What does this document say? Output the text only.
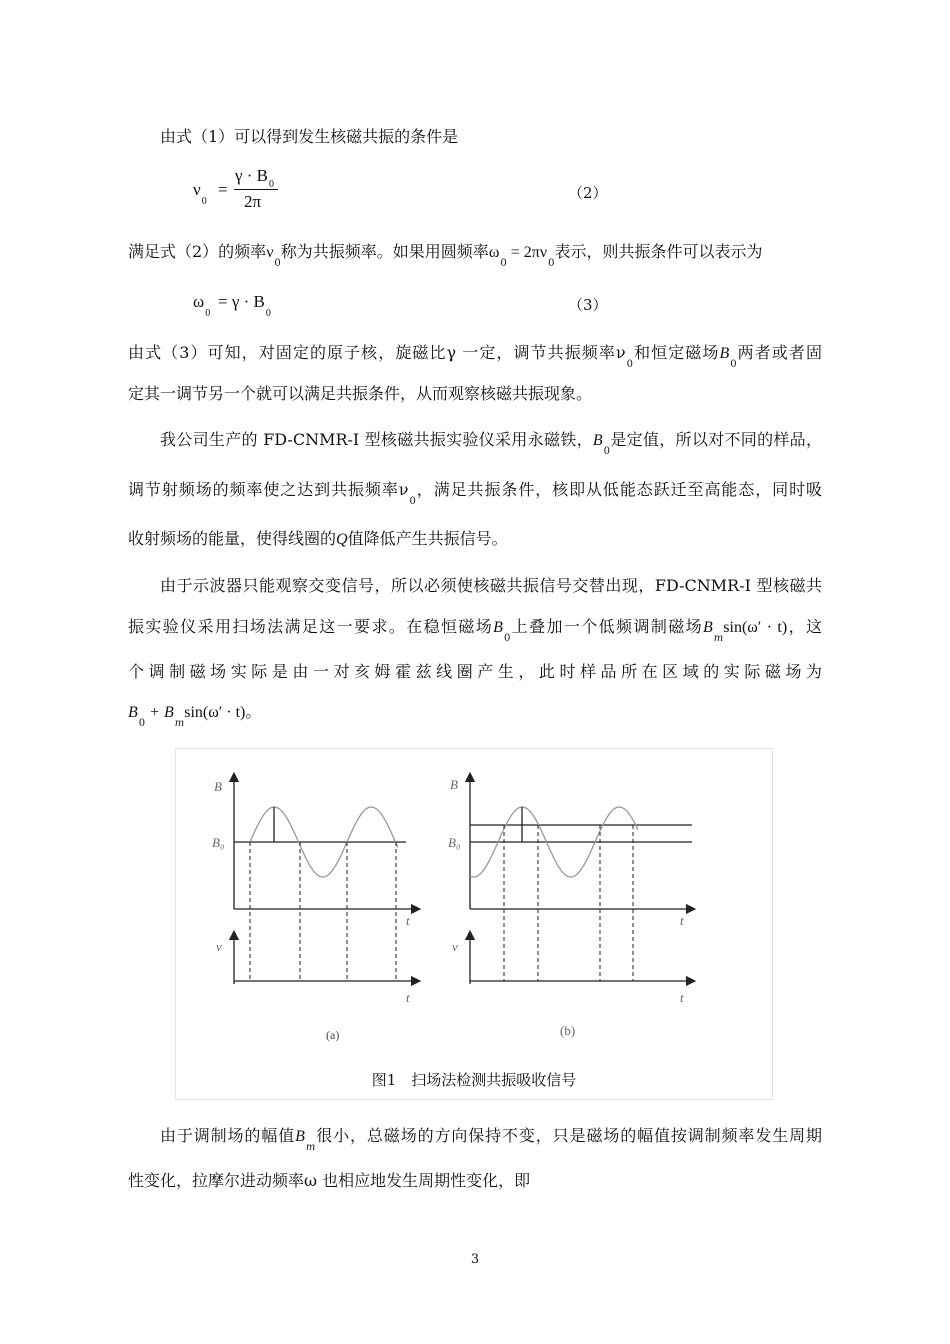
由式（1）可以得到发生核磁共振的条件是
$\nu_0$
=
$\gamma \cdot B_0$
2π	（2）
满足式（2）的频率$\nu_0$称为共振频率。如果用圆频率$\omega_0 = 2\pi\nu_0$表示，则共振条件可以表示为
$\omega_0$
= $\gamma \cdot B_0$	（3）
由式（3）可知，对固定的原子核，旋磁比γ 一定，调节共振频率$\nu_0$和恒定磁场$B_0$两者或者固
定其一调节另一个就可以满足共振条件，从而观察核磁共振现象。
我公司生产的 FD-CNMR-I 型核磁共振实验仪采用永磁铁，$B_0$是定值，所以对不同的样品，
调节射频场的频率使之达到共振频率$\nu_0$，满足共振条件，核即从低能态跃迁至高能态，同时吸
收射频场的能量，使得线圈的Q值降低产生共振信号。
由于示波器只能观察交变信号，所以必须使核磁共振信号交替出现，FD-CNMR-I 型核磁共
振实验仪采用扫场法满足这一要求。在稳恒磁场$B_0$上叠加一个低频调制磁场$B_m\sin(\omega' \cdot t)$，这
个调制磁场实际是由一对亥姆霍兹线圈产生，此时样品所在区域的实际磁场为
$B_0 + B_m\sin(\omega' \cdot t)$。
B
B₀
t
v
t
(a)
B
B₀
t
v
t
(b)
图1　扫场法检测共振吸收信号
由于调制场的幅值$B_m$很小，总磁场的方向保持不变，只是磁场的幅值按调制频率发生周期
性变化，拉摩尔进动频率ω 也相应地发生周期性变化，即
3
